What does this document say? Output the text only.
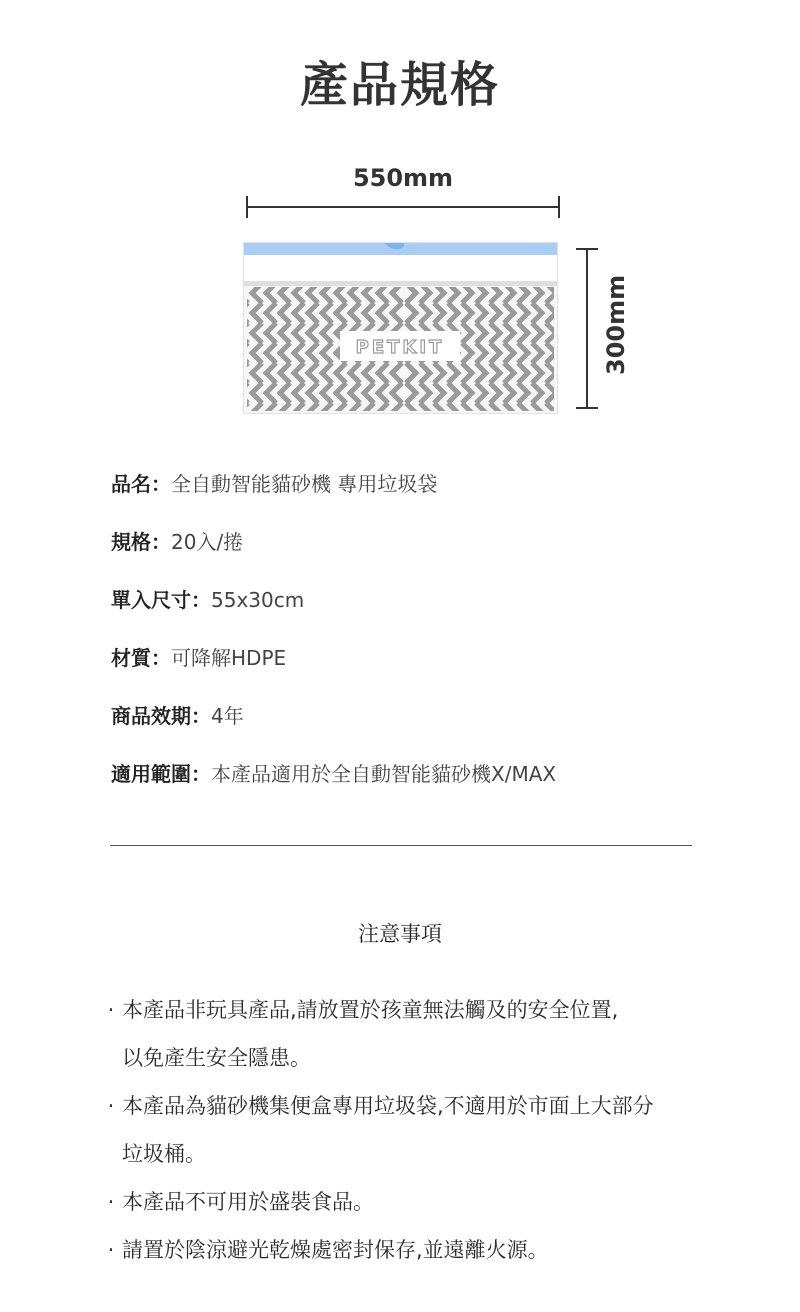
產品規格
550mm
300mm
PETKIT
品名：全自動智能貓砂機 專用垃圾袋
規格：20入/捲
單入尺寸：55x30cm
材質：可降解HDPE
商品效期：4年
適用範圍：本產品適用於全自動智能貓砂機X/MAX
注意事項
· 本產品非玩具產品,請放置於孩童無法觸及的安全位置,
以免產生安全隱患。
· 本產品為貓砂機集便盒專用垃圾袋,不適用於市面上大部分
垃圾桶。
· 本產品不可用於盛裝食品。
· 請置於陰涼避光乾燥處密封保存,並遠離火源。
